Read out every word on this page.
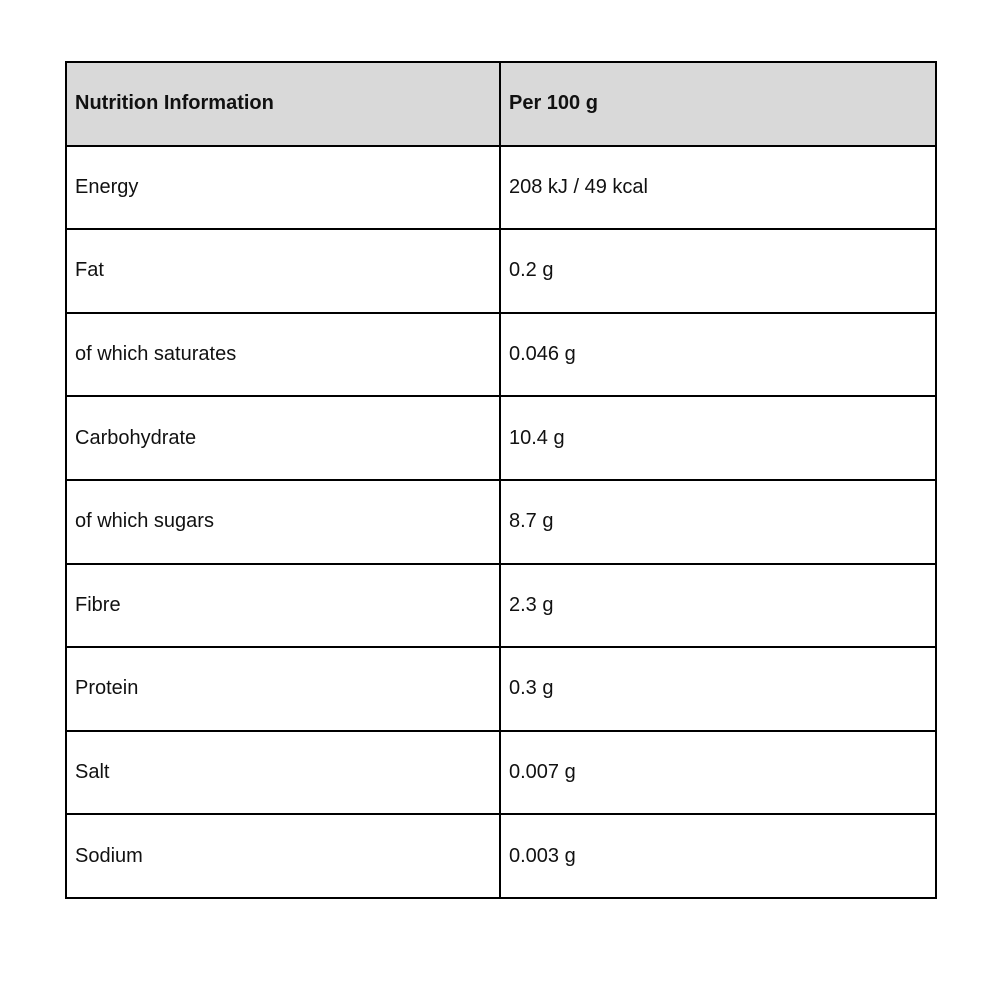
Nutrition Information	Per 100 g
Energy	208 kJ / 49 kcal
Fat	0.2 g
of which saturates	0.046 g
Carbohydrate	10.4 g
of which sugars	8.7 g
Fibre	2.3 g
Protein	0.3 g
Salt	0.007 g
Sodium	0.003 g
